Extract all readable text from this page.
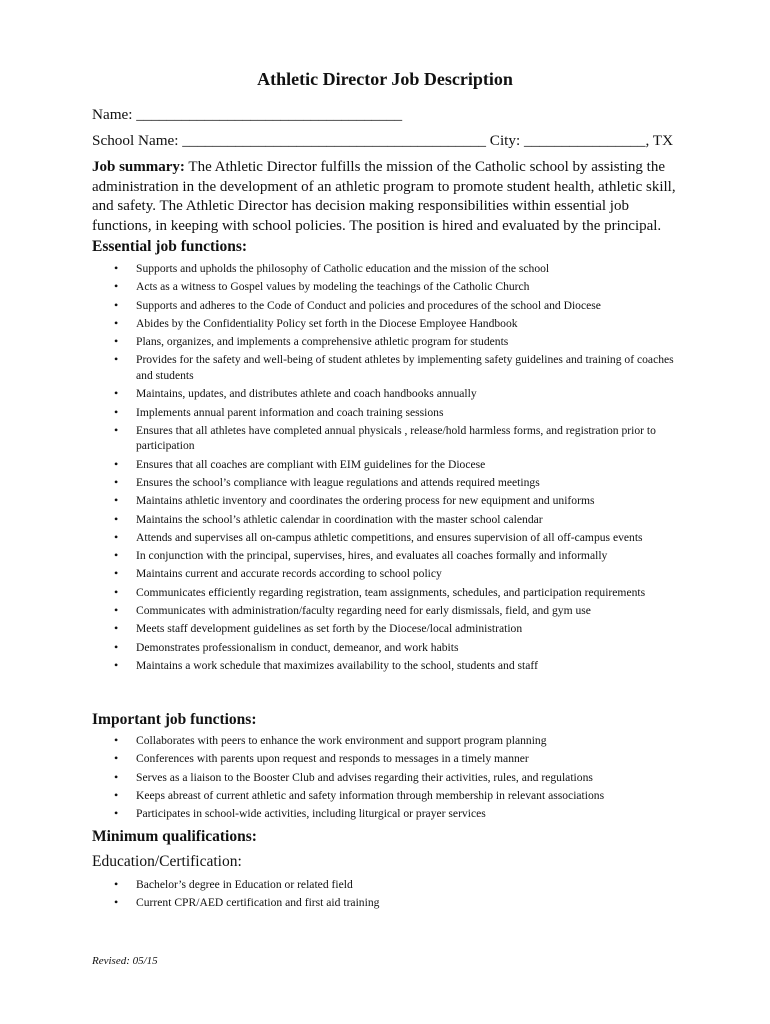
Athletic Director Job Description
Name: ___________________________________
School Name: ________________________________________ City: ________________, TX
Job summary: The Athletic Director fulfills the mission of the Catholic school by assisting the administration in the development of an athletic program to promote student health, athletic skill, and safety. The Athletic Director has decision making responsibilities within essential job functions, in keeping with school policies. The position is hired and evaluated by the principal.
Essential job functions:
• Supports and upholds the philosophy of Catholic education and the mission of the school
• Acts as a witness to Gospel values by modeling the teachings of the Catholic Church
• Supports and adheres to the Code of Conduct and policies and procedures of the school and Diocese
• Abides by the Confidentiality Policy set forth in the Diocese Employee Handbook
• Plans, organizes, and implements a comprehensive athletic program for students
• Provides for the safety and well-being of student athletes by implementing safety guidelines and training of coaches and students
• Maintains, updates, and distributes athlete and coach handbooks annually
• Implements annual parent information and coach training sessions
• Ensures that all athletes have completed annual physicals , release/hold harmless forms, and registration prior to participation
• Ensures that all coaches are compliant with EIM guidelines for the Diocese
• Ensures the school’s compliance with league regulations and attends required meetings
• Maintains athletic inventory and coordinates the ordering process for new equipment and uniforms
• Maintains the school’s athletic calendar in coordination with the master school calendar
• Attends and supervises all on-campus athletic competitions, and ensures supervision of all off-campus events
• In conjunction with the principal, supervises, hires, and evaluates all coaches formally and informally
• Maintains current and accurate records according to school policy
• Communicates efficiently regarding registration, team assignments, schedules, and participation requirements
• Communicates with administration/faculty regarding need for early dismissals, field, and gym use
• Meets staff development guidelines as set forth by the Diocese/local administration
• Demonstrates professionalism in conduct, demeanor, and work habits
• Maintains a work schedule that maximizes availability to the school, students and staff
Important job functions:
• Collaborates with peers to enhance the work environment and support program planning
• Conferences with parents upon request and responds to messages in a timely manner
• Serves as a liaison to the Booster Club and advises regarding their activities, rules, and regulations
• Keeps abreast of current athletic and safety information through membership in relevant associations
• Participates in school-wide activities, including liturgical or prayer services
Minimum qualifications:
Education/Certification:
• Bachelor’s degree in Education or related field
• Current CPR/AED certification and first aid training
Revised: 05/15
